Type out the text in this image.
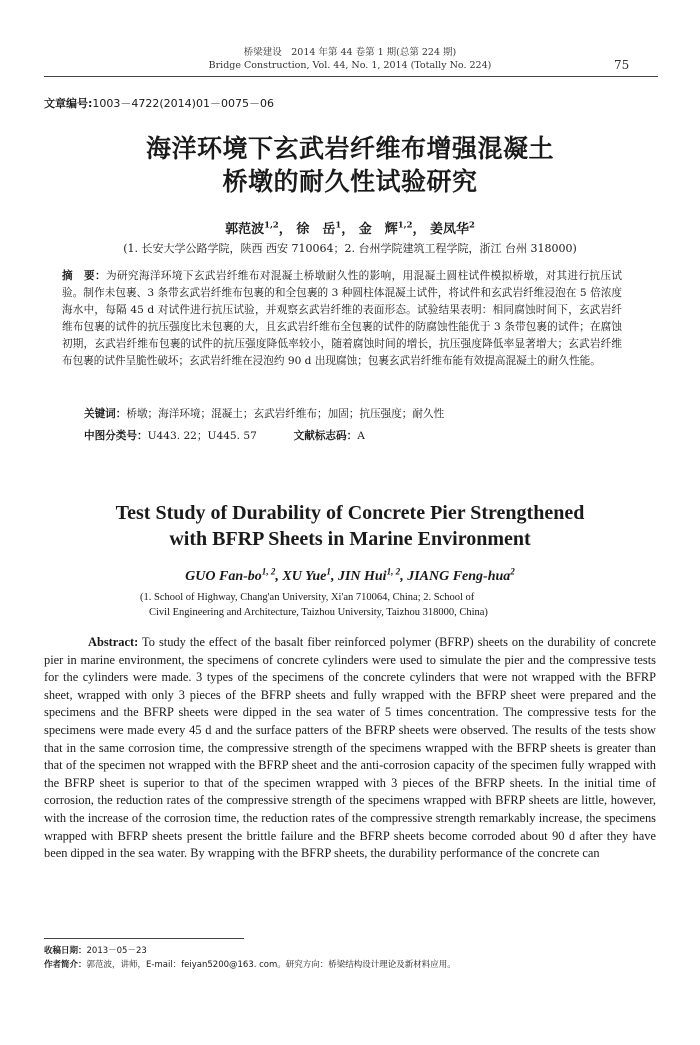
桥梁建设　2014 年第 44 卷第 1 期(总第 224 期)
Bridge Construction, Vol. 44, No. 1, 2014 (Totally No. 224)	75
文章编号:1003－4722(2014)01－0075－06
海洋环境下玄武岩纤维布增强混凝土
桥墩的耐久性试验研究
郭范波$^{1,2}$， 徐　岳$^1$， 金　辉$^{1,2}$， 姜凤华$^2$
(1. 长安大学公路学院，陕西 西安 710064；2. 台州学院建筑工程学院，浙江 台州 318000)
摘　要：为研究海洋环境下玄武岩纤维布对混凝土桥墩耐久性的影响，用混凝土圆柱试件模拟桥墩，对其进行抗压试验。制作未包裹、3 条带玄武岩纤维布包裹的和全包裹的 3 种圆柱体混凝土试件，将试件和玄武岩纤维浸泡在 5 倍浓度海水中，每隔 45 d 对试件进行抗压试验，并观察玄武岩纤维的表面形态。试验结果表明：相同腐蚀时间下，玄武岩纤维布包裹的试件的抗压强度比未包裹的大，且玄武岩纤维布全包裹的试件的防腐蚀性能优于 3 条带包裹的试件；在腐蚀初期，玄武岩纤维布包裹的试件的抗压强度降低率较小，随着腐蚀时间的增长，抗压强度降低率显著增大；玄武岩纤维布包裹的试件呈脆性破坏；玄武岩纤维在浸泡约 90 d 出现腐蚀；包裹玄武岩纤维布能有效提高混凝土的耐久性能。
关键词：桥墩；海洋环境；混凝土；玄武岩纤维布；加固；抗压强度；耐久性
中图分类号：U443. 22；U445. 57	文献标志码：A
Test Study of Durability of Concrete Pier Strengthened
with BFRP Sheets in Marine Environment
GUO Fan-bo$^{1, 2}$, XU Yue$^1$, JIN Hui$^{1, 2}$, JIANG Feng-hua$^2$
(1. School of Highway, Chang'an University, Xi'an 710064, China; 2. School of
Civil Engineering and Architecture, Taizhou University, Taizhou 318000, China)
Abstract: To study the effect of the basalt fiber reinforced polymer (BFRP) sheets on the durability of concrete pier in marine environment, the specimens of concrete cylinders were used to simulate the pier and the compressive tests for the cylinders were made. 3 types of the specimens of the concrete cylinders that were not wrapped with the BFRP sheet, wrapped with only 3 pieces of the BFRP sheets and fully wrapped with the BFRP sheet were prepared and the specimens and the BFRP sheets were dipped in the sea water of 5 times concentration. The compressive tests for the specimens were made every 45 d and the surface patters of the BFRP sheets were observed. The results of the tests show that in the same corrosion time, the compressive strength of the specimens wrapped with the BFRP sheets is greater than that of the specimen not wrapped with the BFRP sheet and the anti-corrosion capacity of the specimen fully wrapped with the BFRP sheet is superior to that of the specimen wrapped with 3 pieces of the BFRP sheets. In the initial time of corrosion, the reduction rates of the compressive strength of the specimens wrapped with BFRP sheets are little, however, with the increase of the corrosion time, the reduction rates of the compressive strength remarkably increase, the specimens wrapped with BFRP sheets present the brittle failure and the BFRP sheets become corroded about 90 d after they have been dipped in the sea water. By wrapping with the BFRP sheets, the durability performance of the concrete can
收稿日期：2013－05－23
作者简介：郭范波，讲师，E-mail：feiyan5200@163. com。研究方向：桥梁结构设计理论及新材料应用。
